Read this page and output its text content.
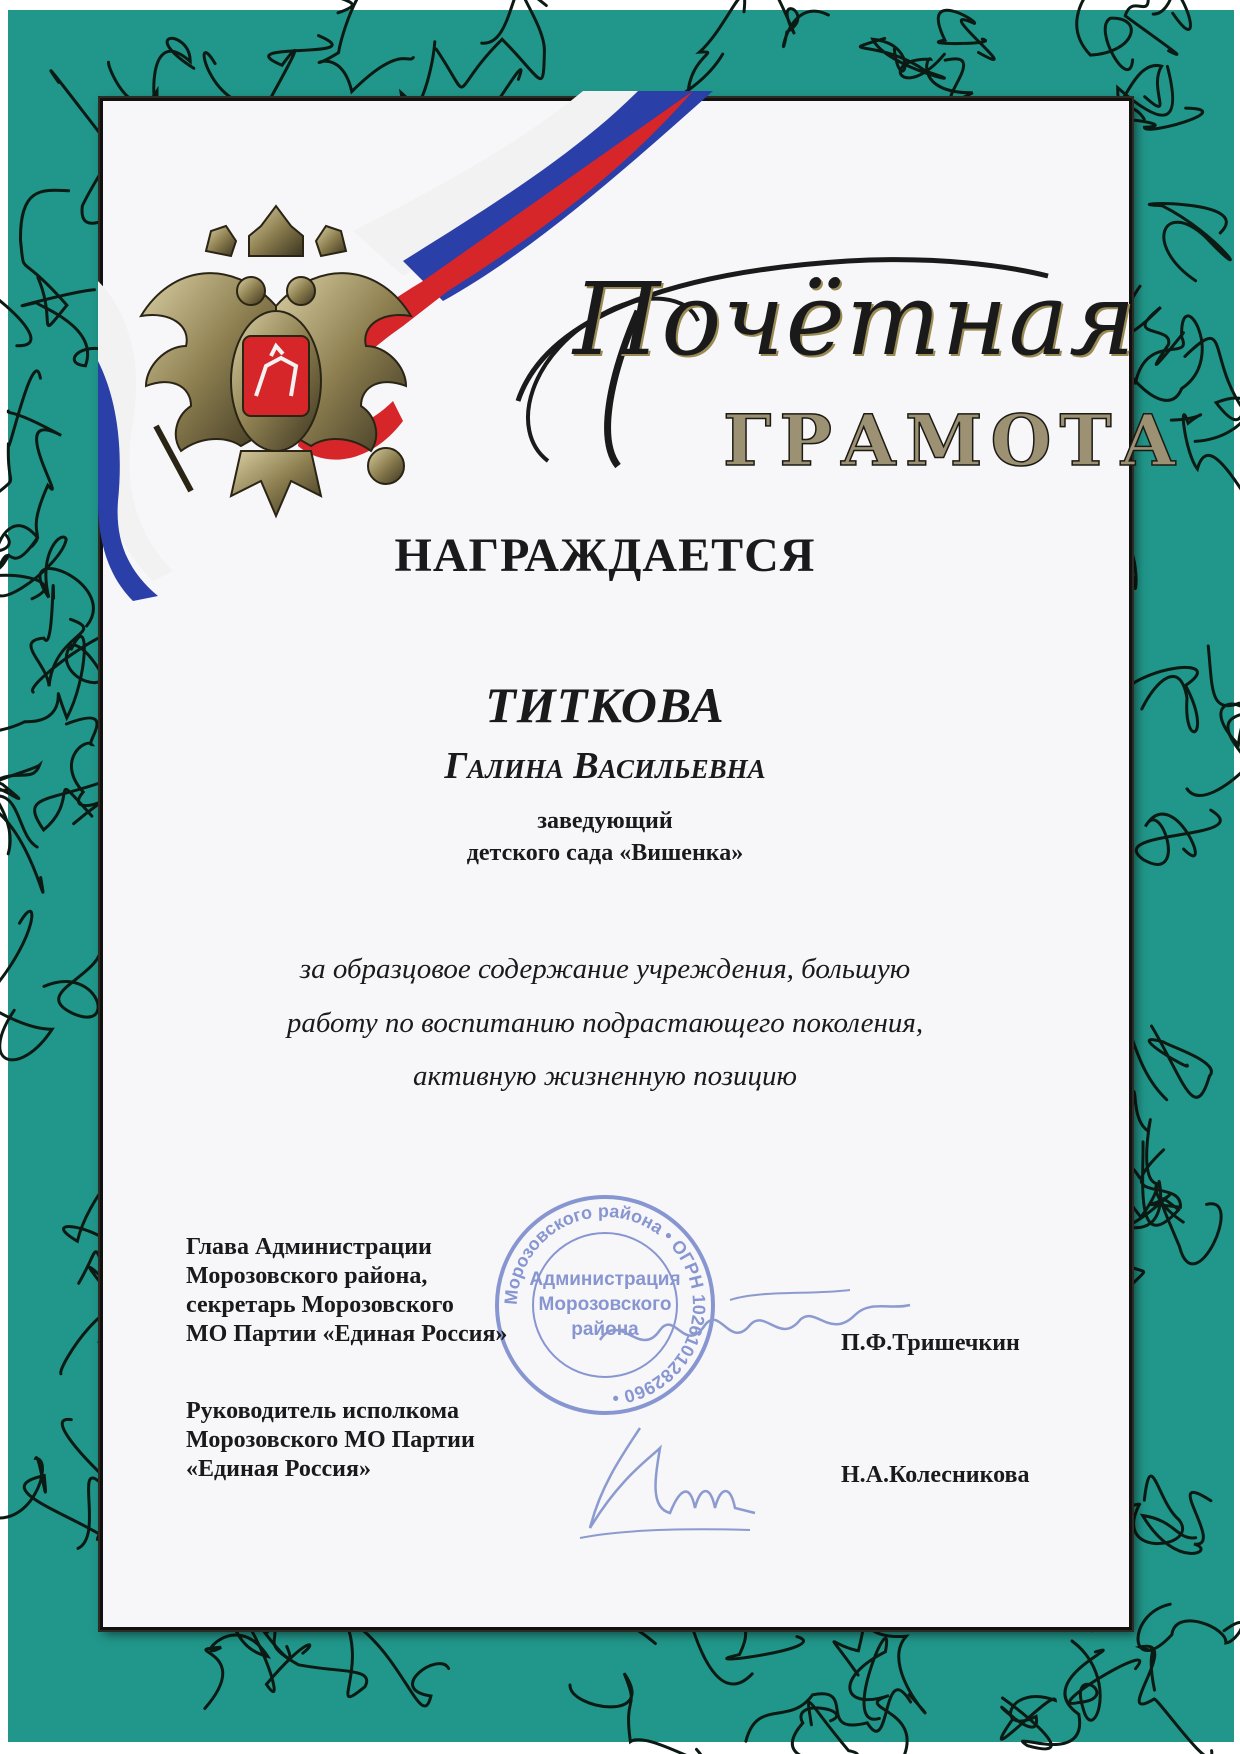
Почётная
ГРАМОТА
НАГРАЖДАЕТСЯ
ТИТКОВА
Галина Васильевна
заведующий
детского сада «Вишенка»
за образцовое содержание учреждения, большую
работу по воспитанию подрастающего поколения,
активную жизненную позицию
Морозовского района • ОГРН 1026101282960 •
Администрация
Морозовского
района
Глава Администрации
Морозовского района,
секретарь Морозовского
МО Партии «Единая Россия»	П.Ф.Тришечкин
Руководитель исполкома
Морозовского МО Партии
«Единая Россия»	Н.А.Колесникова
